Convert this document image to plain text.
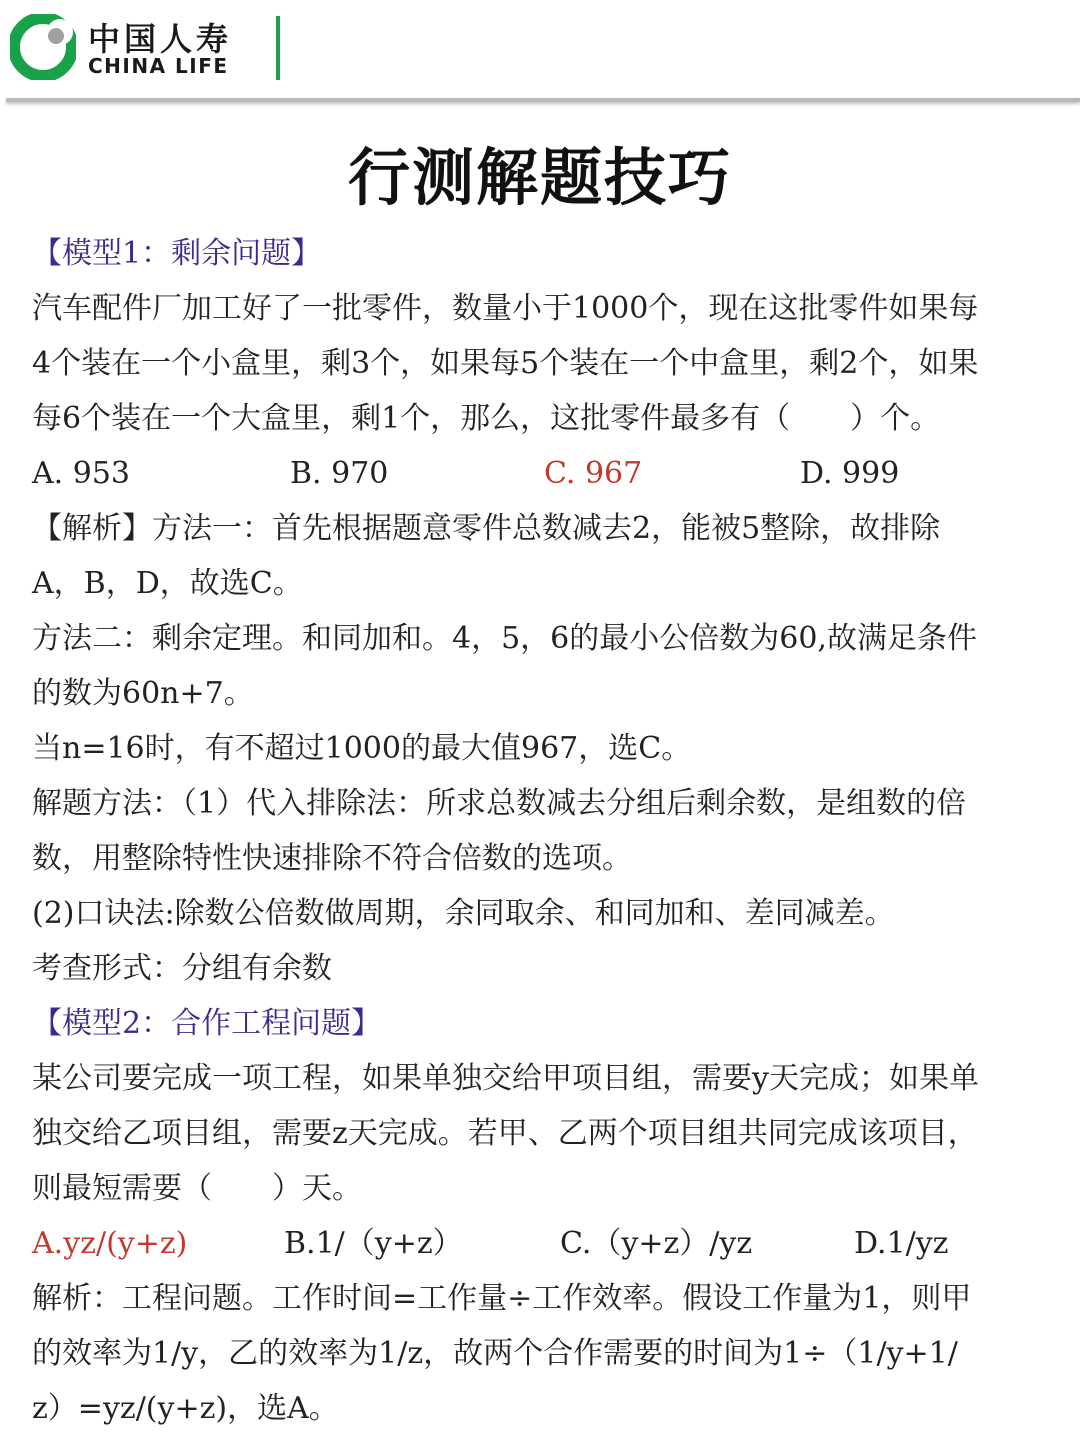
中国人寿
CHINA LIFE
行测解题技巧
【模型1：剩余问题】
汽车配件厂加工好了一批零件，数量小于1000个，现在这批零件如果每
4个装在一个小盒里，剩3个，如果每5个装在一个中盒里，剩2个，如果
每6个装在一个大盒里，剩1个，那么，这批零件最多有（　　）个。
A. 953	B. 970	C. 967	D. 999
【解析】方法一：首先根据题意零件总数减去2，能被5整除，故排除
A，B，D，故选C。
方法二：剩余定理。和同加和。4，5，6的最小公倍数为60,故满足条件
的数为60n+7。
当n=16时，有不超过1000的最大值967，选C。
解题方法：（1）代入排除法：所求总数减去分组后剩余数，是组数的倍
数，用整除特性快速排除不符合倍数的选项。
(2)口诀法:除数公倍数做周期，余同取余、和同加和、差同减差。
考查形式：分组有余数
【模型2：合作工程问题】
某公司要完成一项工程，如果单独交给甲项目组，需要y天完成；如果单
独交给乙项目组，需要z天完成。若甲、乙两个项目组共同完成该项目，
则最短需要（　　）天。
A.yz/(y+z)	B.1/（y+z）	C.（y+z）/yz	D.1/yz
解析：工程问题。工作时间=工作量÷工作效率。假设工作量为1，则甲
的效率为1/y，乙的效率为1/z，故两个合作需要的时间为1÷（1/y+1/
z）=yz/(y+z)，选A。
